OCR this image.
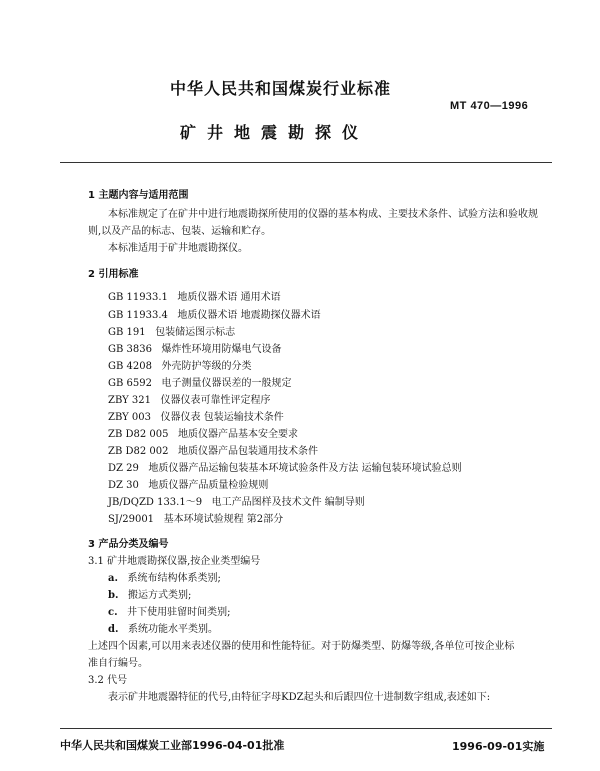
中华人民共和国煤炭行业标准
MT 470—1996
矿井地震勘探仪
1 主题内容与适用范围
本标准规定了在矿井中进行地震勘探所使用的仪器的基本构成、主要技术条件、试验方法和验收规
则,以及产品的标志、包装、运输和贮存。
本标准适用于矿井地震勘探仪。
2 引用标准
GB 11933.1 地质仪器术语 通用术语
GB 11933.4 地质仪器术语 地震勘探仪器术语
GB 191 包装储运图示标志
GB 3836 爆炸性环境用防爆电气设备
GB 4208 外壳防护等级的分类
GB 6592 电子测量仪器误差的一般规定
ZBY 321 仪器仪表可靠性评定程序
ZBY 003 仪器仪表 包装运输技术条件
ZB D82 005 地质仪器产品基本安全要求
ZB D82 002 地质仪器产品包装通用技术条件
DZ 29 地质仪器产品运输包装基本环境试验条件及方法 运输包装环境试验总则
DZ 30 地质仪器产品质量检验规则
JB/DQZD 133.1～9 电工产品图样及技术文件 编制导则
SJ/29001 基本环境试验规程 第2部分
3 产品分类及编号
3.1 矿井地震勘探仪器,按企业类型编号
a. 系统布结构体系类别;
b. 搬运方式类别;
c. 井下使用驻留时间类别;
d. 系统功能水平类别。
上述四个因素,可以用来表述仪器的使用和性能特征。对于防爆类型、防爆等级,各单位可按企业标
准自行编号。
3.2 代号
表示矿井地震器特征的代号,由特征字母KDZ起头和后跟四位十进制数字组成,表述如下:
中华人民共和国煤炭工业部1996-04-01批准	1996-09-01实施
